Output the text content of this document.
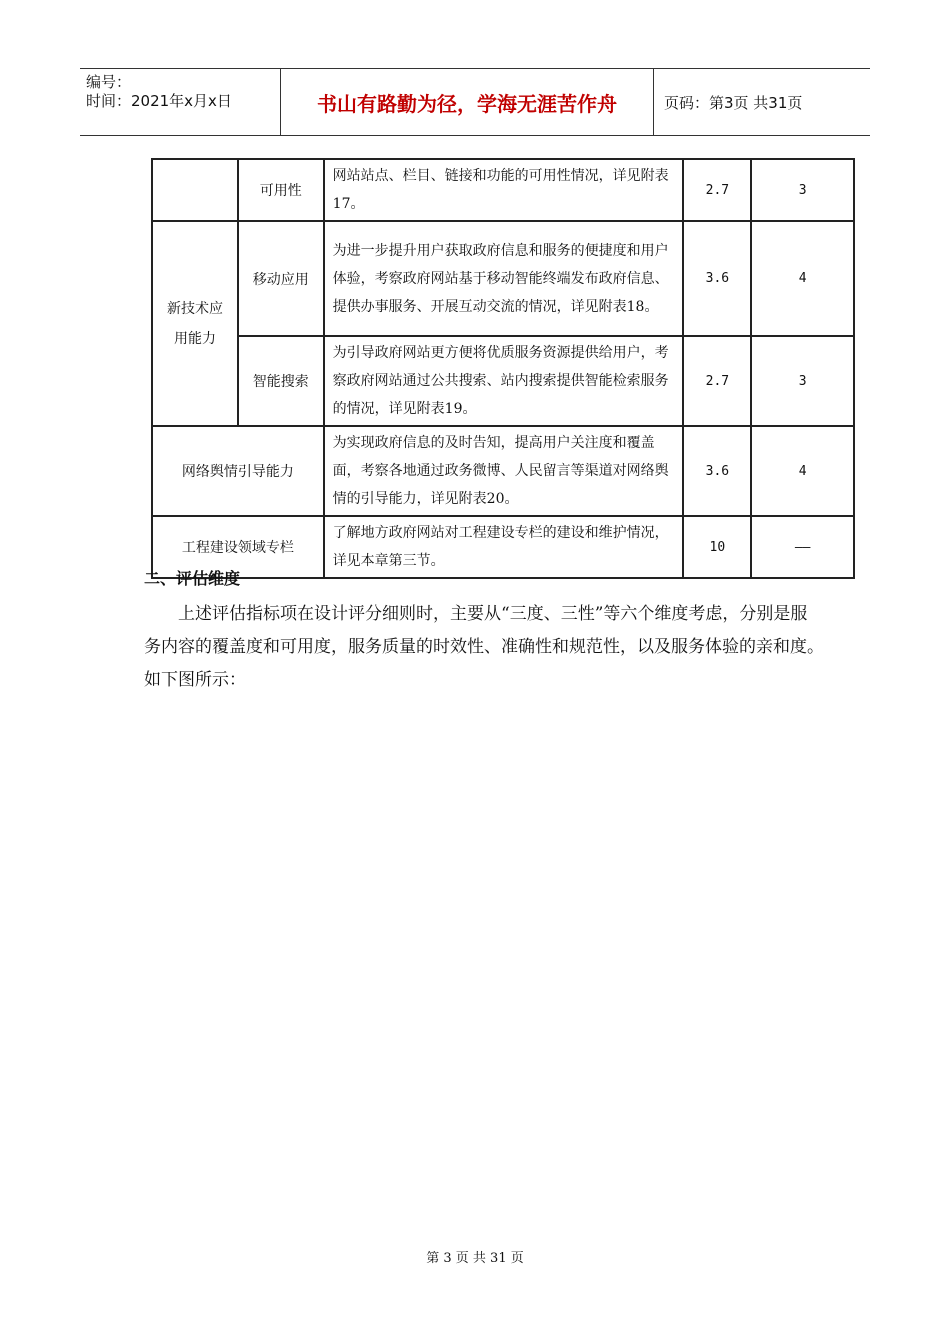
编号：
时间：2021年x月x日	书山有路勤为径，学海无涯苦作舟	页码：第3页 共31页
	可用性	网站站点、栏目、链接和功能的可用性情况，详见附表17。	2.7	3
新技术应用能力	移动应用	为进一步提升用户获取政府信息和服务的便捷度和用户体验，考察政府网站基于移动智能终端发布政府信息、提供办事服务、开展互动交流的情况，详见附表18。	3.6	4
	智能搜索	为引导政府网站更方便将优质服务资源提供给用户，考察政府网站通过公共搜索、站内搜索提供智能检索服务的情况，详见附表19。	2.7	3
网络舆情引导能力		为实现政府信息的及时告知，提高用户关注度和覆盖面，考察各地通过政务微博、人民留言等渠道对网络舆情的引导能力，详见附表20。	3.6	4
工程建设领域专栏		了解地方政府网站对工程建设专栏的建设和维护情况，详见本章第三节。	10	——
二、评估维度
上述评估指标项在设计评分细则时，主要从“三度、三性”等六个维度考虑，分别是服务内容的覆盖度和可用度，服务质量的时效性、准确性和规范性，以及服务体验的亲和度。如下图所示：
第 3 页 共 31 页
